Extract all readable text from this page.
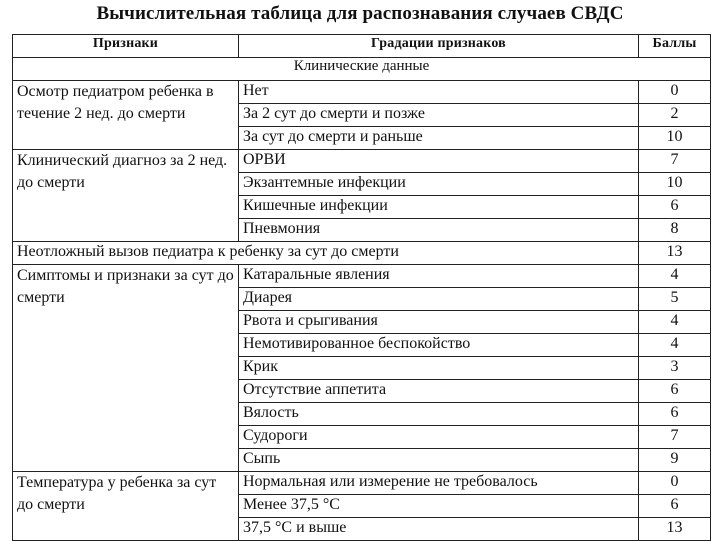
Вычислительная таблица для распознавания случаев СВДС
Признаки	Градации признаков	Баллы
Клинические данные		
Осмотр педиатром ребенка в течение 2 нед. до смерти	Нет	0
	За 2 сут до смерти и позже	2
	За сут до смерти и раньше	10
Клинический диагноз за 2 нед. до смерти	ОРВИ	7
	Экзантемные инфекции	10
	Кишечные инфекции	6
	Пневмония	8
Неотложный вызов педиатра к ребенку за сут до смерти		13
Симптомы и признаки за сут до смерти	Катаральные явления	4
	Диарея	5
	Рвота и срыгивания	4
	Немотивированное беспокойство	4
	Крик	3
	Отсутствие аппетита	6
	Вялость	6
	Судороги	7
	Сыпь	9
Температура у ребенка за сут до смерти	Нормальная или измерение не требовалось	0
	Менее 37,5 °С	6
	37,5 °С и выше	13
